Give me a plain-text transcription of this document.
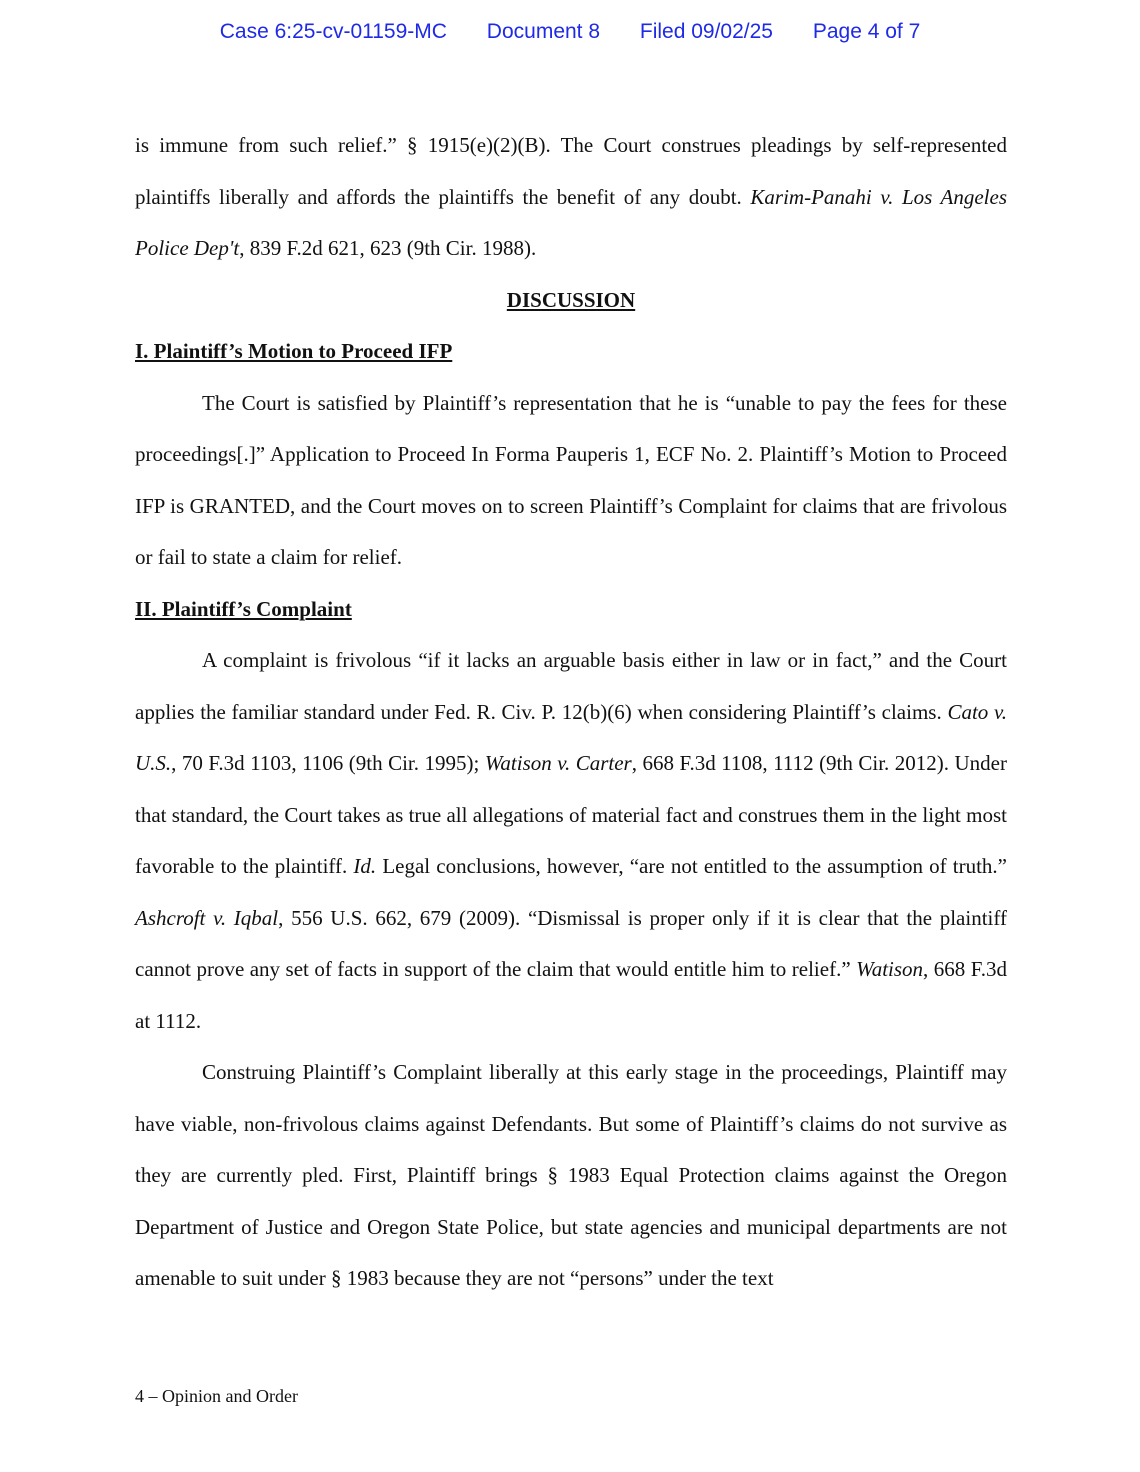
Case 6:25-cv-01159-MC Document 8 Filed 09/02/25 Page 4 of 7

is immune from such relief.” § 1915(e)(2)(B). The Court construes pleadings by self-represented plaintiffs liberally and affords the plaintiffs the benefit of any doubt. Karim-Panahi v. Los Angeles Police Dep't, 839 F.2d 621, 623 (9th Cir. 1988).

DISCUSSION

I. Plaintiff’s Motion to Proceed IFP

The Court is satisfied by Plaintiff’s representation that he is “unable to pay the fees for these proceedings[.]” Application to Proceed In Forma Pauperis 1, ECF No. 2. Plaintiff’s Motion to Proceed IFP is GRANTED, and the Court moves on to screen Plaintiff’s Complaint for claims that are frivolous or fail to state a claim for relief.

II. Plaintiff’s Complaint

A complaint is frivolous “if it lacks an arguable basis either in law or in fact,” and the Court applies the familiar standard under Fed. R. Civ. P. 12(b)(6) when considering Plaintiff’s claims. Cato v. U.S., 70 F.3d 1103, 1106 (9th Cir. 1995); Watison v. Carter, 668 F.3d 1108, 1112 (9th Cir. 2012). Under that standard, the Court takes as true all allegations of material fact and construes them in the light most favorable to the plaintiff. Id. Legal conclusions, however, “are not entitled to the assumption of truth.” Ashcroft v. Iqbal, 556 U.S. 662, 679 (2009). “Dismissal is proper only if it is clear that the plaintiff cannot prove any set of facts in support of the claim that would entitle him to relief.” Watison, 668 F.3d at 1112.

Construing Plaintiff’s Complaint liberally at this early stage in the proceedings, Plaintiff may have viable, non-frivolous claims against Defendants. But some of Plaintiff’s claims do not survive as they are currently pled. First, Plaintiff brings § 1983 Equal Protection claims against the Oregon Department of Justice and Oregon State Police, but state agencies and municipal departments are not amenable to suit under § 1983 because they are not “persons” under the text

4 – Opinion and Order
